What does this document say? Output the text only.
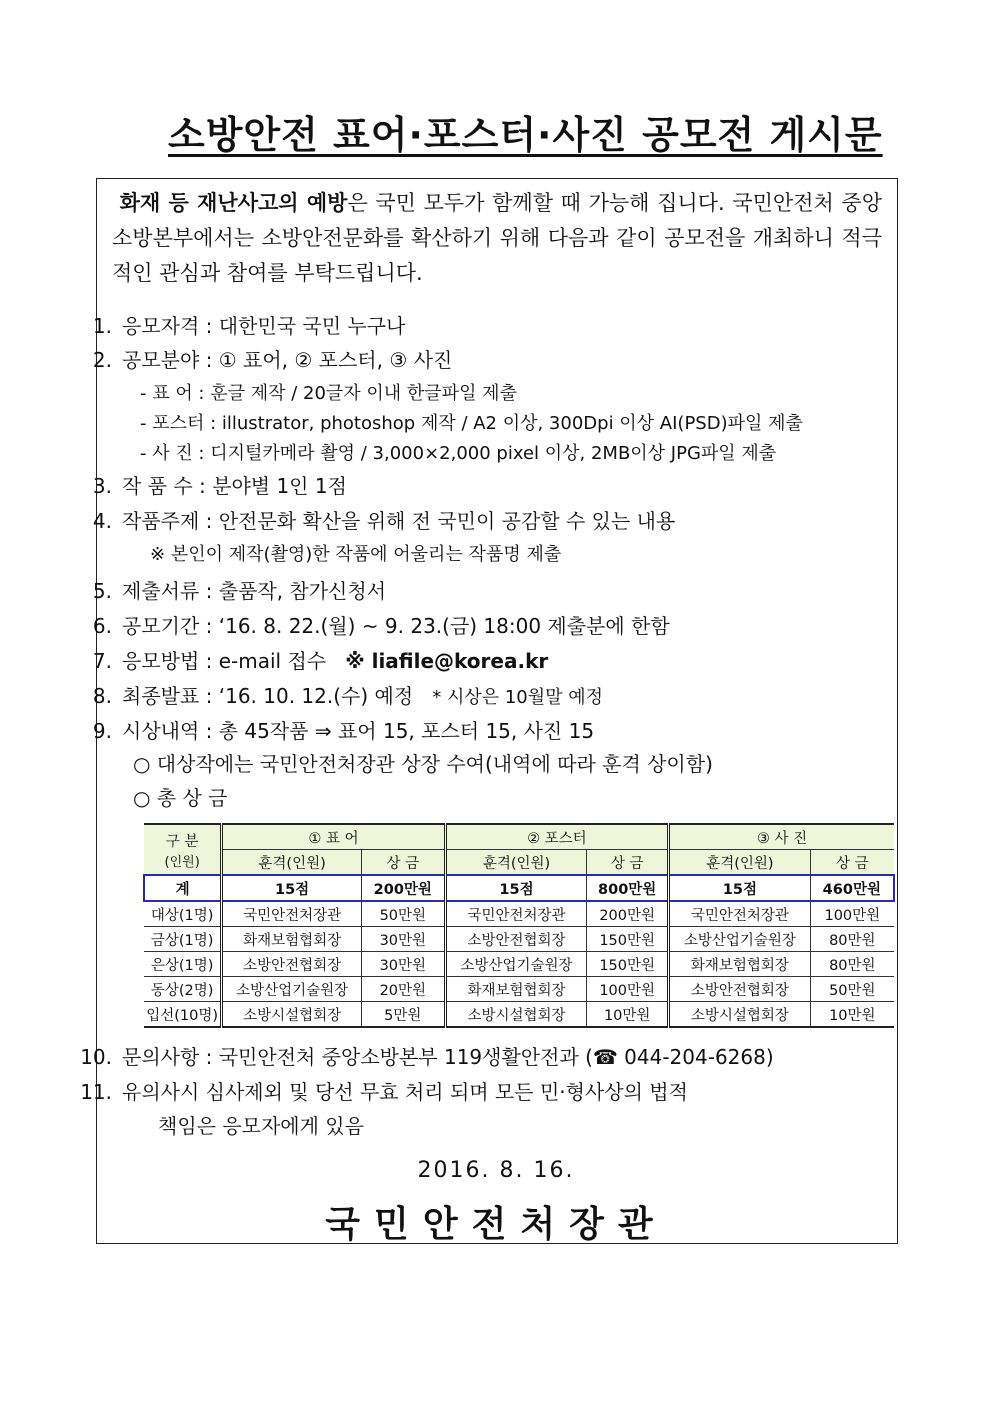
소방안전 표어·포스터·사진 공모전 게시문
화재 등 재난사고의 예방은 국민 모두가 함께할 때 가능해 집니다. 국민안전처 중앙소방본부에서는 소방안전문화를 확산하기 위해 다음과 같이 공모전을 개최하니 적극적인 관심과 참여를 부탁드립니다.
1. 응모자격 : 대한민국 국민 누구나
2. 공모분야 : ① 표어, ② 포스터, ③ 사진
- 표 어 : 훈글 제작 / 20글자 이내 한글파일 제출
- 포스터 : illustrator, photoshop 제작 / A2 이상, 300Dpi 이상 AI(PSD)파일 제출
- 사 진 : 디지털카메라 촬영 / 3,000×2,000 pixel 이상, 2MB이상 JPG파일 제출
3. 작 품 수 : 분야별 1인 1점
4. 작품주제 : 안전문화 확산을 위해 전 국민이 공감할 수 있는 내용
※ 본인이 제작(촬영)한 작품에 어울리는 작품명 제출
5. 제출서류 : 출품작, 참가신청서
6. 공모기간 : ‘16. 8. 22.(월) ~ 9. 23.(금) 18:00 제출분에 한함
7. 응모방법 : e-mail 접수 ※ liafile@korea.kr
8. 최종발표 : ‘16. 10. 12.(수) 예정 * 시상은 10월말 예정
9. 시상내역 : 총 45작품 ⇒ 표어 15, 포스터 15, 사진 15
○ 대상작에는 국민안전처장관 상장 수여(내역에 따라 훈격 상이함)
○ 총 상 금
구 분
(인원)	① 표 어		② 포스터		③ 사 진	
	훈격(인원)	상 금	훈격(인원)	상 금	훈격(인원)	상 금
계	15점	200만원	15점	800만원	15점	460만원
대상(1명)	국민안전처장관	50만원	국민안전처장관	200만원	국민안전처장관	100만원
금상(1명)	화재보험협회장	30만원	소방안전협회장	150만원	소방산업기술원장	80만원
은상(1명)	소방안전협회장	30만원	소방산업기술원장	150만원	화재보험협회장	80만원
동상(2명)	소방산업기술원장	20만원	화재보험협회장	100만원	소방안전협회장	50만원
입선(10명)	소방시설협회장	5만원	소방시설협회장	10만원	소방시설협회장	10만원
10. 문의사항 : 국민안전처 중앙소방본부 119생활안전과 (☎ 044-204-6268)
11. 유의사시 심사제외 및 당선 무효 처리 되며 모든 민·형사상의 법적
책임은 응모자에게 있음
2016. 8. 16.
국민안전처장관
